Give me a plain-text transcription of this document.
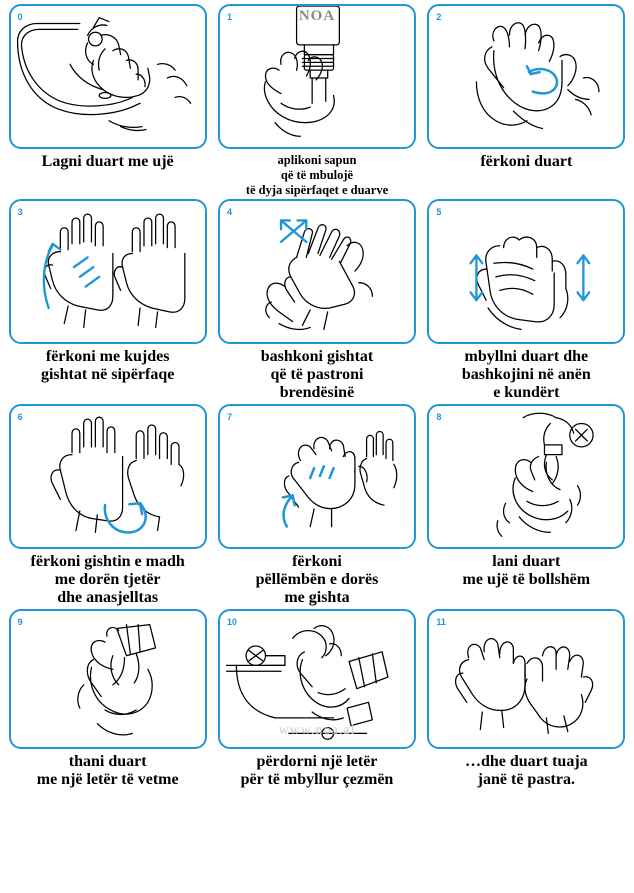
0
Lagni duart me ujë
1	NOA
aplikoni sapun
që të mbulojë
të dyja sipërfaqet e duarve
2
fërkoni duart
3
fërkoni me kujdes
gishtat në sipërfaqe
4
bashkoni gishtat
që të pastroni
brendësinë
5
mbyllni duart dhe
bashkojini në anën
e kundërt
6
fërkoni gishtin e madh
me dorën tjetër
dhe anasjelltas
7
fërkoni
pëllëmbën e dorës
me gishta
8
lani duart
me ujë të bollshëm
9
thani duart
me një letër të vetme
10
www.noa.al
përdorni një letër
për të mbyllur çezmën
11
…dhe duart tuaja
janë të pastra.
